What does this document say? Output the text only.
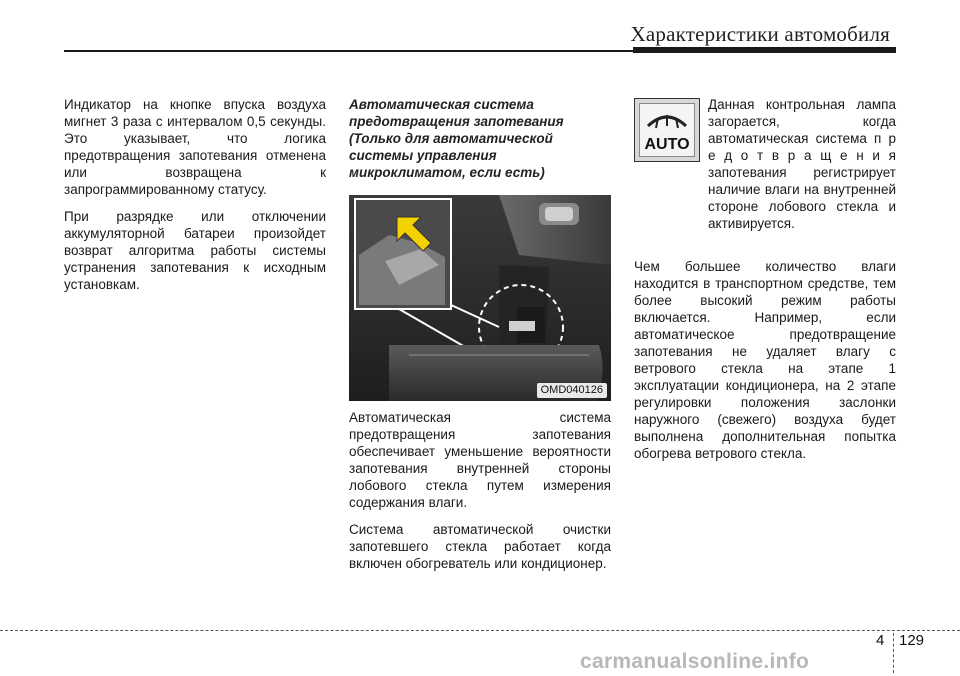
Характеристики автомобиля

Индикатор на кнопке впуска воздуха мигнет 3 раза с интервалом 0,5 секунды. Это указывает, что логика предотвращения запотевания отменена или возвращена к запрограммированному статусу.

При разрядке или отключении аккумуляторной батареи произойдет возврат алгоритма работы системы устранения запотевания к исходным установкам.

Автоматическая система предотвращения запотевания (Только для автоматической системы управления микроклиматом, если есть)
OMD040126

Автоматическая система предотвращения запотевания обеспечивает уменьшение вероятности запотевания внутренней стороны лобового стекла путем измерения содержания влаги.

Система автоматической очистки запотевшего стекла работает когда включен обогреватель или кондиционер.

AUTO
Данная контрольная лампа загорается, когда автоматическая система п р е д о т в р а щ е н и я запотевания регистрирует наличие влаги на внутренней стороне лобового стекла и активируется.

Чем большее количество влаги находится в транспортном средстве, тем более высокий режим работы включается. Например, если автоматическое предотвращение запотевания не удаляет влагу с ветрового стекла на этапе 1 эксплуатации кондиционера, на 2 этапе регулировки положения заслонки наружного (свежего) воздуха будет выполнена дополнительная попытка обогрева ветрового стекла.

4 129
carmanualsonline.info
